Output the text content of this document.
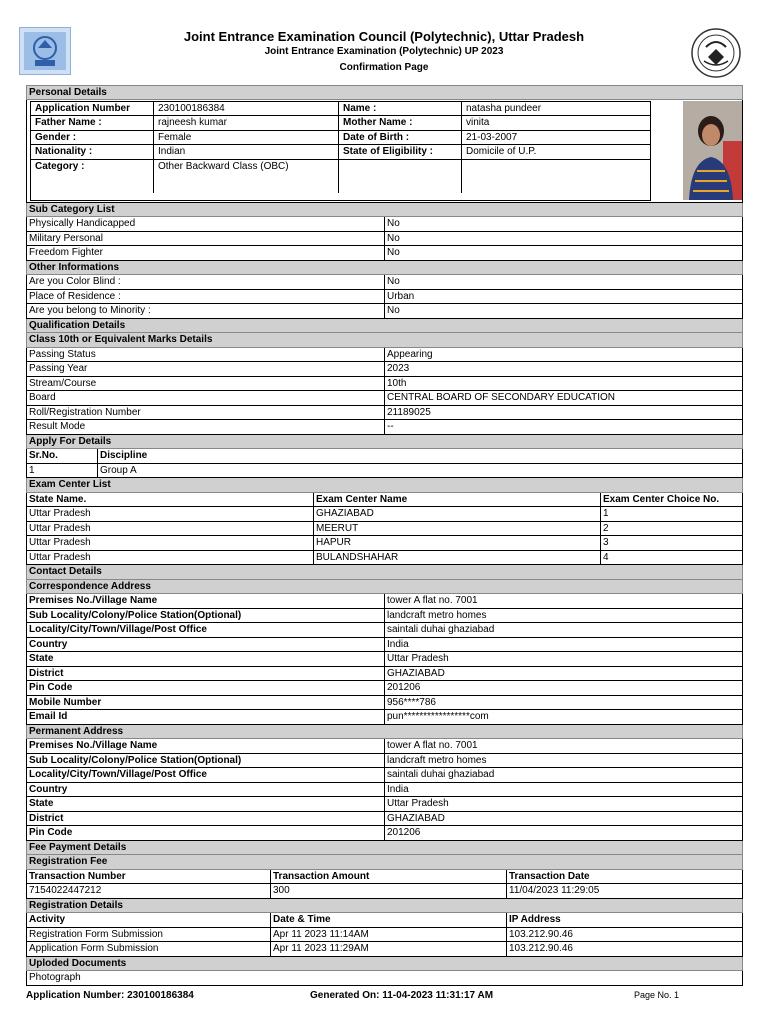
Joint Entrance Examination Council (Polytechnic), Uttar Pradesh
Joint Entrance Examination (Polytechnic) UP 2023
Confirmation Page
Personal Details
Application Number	230100186384	Name :	natasha pundeer
Father Name :	rajneesh kumar	Mother Name :	vinita
Gender :	Female	Date of Birth :	21-03-2007
Nationality :	Indian	State of Eligibility :	Domicile of U.P.
Category :	Other Backward Class (OBC)
Sub Category List
Physically Handicapped	No
Military Personal	No
Freedom Fighter	No
Other Informations
Are you Color Blind :	No
Place of Residence :	Urban
Are you belong to Minority :	No
Qualification Details
Class 10th or Equivalent Marks Details
Passing Status	Appearing
Passing Year	2023
Stream/Course	10th
Board	CENTRAL BOARD OF SECONDARY EDUCATION
Roll/Registration Number	21189025
Result Mode	--
Apply For Details
Sr.No.	Discipline
1	Group A
Exam Center List
State Name.	Exam Center Name	Exam Center Choice No.
Uttar Pradesh	GHAZIABAD	1
Uttar Pradesh	MEERUT	2
Uttar Pradesh	HAPUR	3
Uttar Pradesh	BULANDSHAHAR	4
Contact Details
Correspondence Address
Premises No./Village Name	tower A flat no. 7001
Sub Locality/Colony/Police Station(Optional)	landcraft metro homes
Locality/City/Town/Village/Post Office	saintali duhai ghaziabad
Country	India
State	Uttar Pradesh
District	GHAZIABAD
Pin Code	201206
Mobile Number	956****786
Email Id	pun*****************com
Permanent Address
Premises No./Village Name	tower A flat no. 7001
Sub Locality/Colony/Police Station(Optional)	landcraft metro homes
Locality/City/Town/Village/Post Office	saintali duhai ghaziabad
Country	India
State	Uttar Pradesh
District	GHAZIABAD
Pin Code	201206
Fee Payment Details
Registration Fee
Transaction Number	Transaction Amount	Transaction Date
7154022447212	300	11/04/2023 11:29:05
Registration Details
Activity	Date & Time	IP Address
Registration Form Submission	Apr 11 2023 11:14AM	103.212.90.46
Application Form Submission	Apr 11 2023 11:29AM	103.212.90.46
Uploded Documents
Photograph
Application Number: 230100186384	Generated On: 11-04-2023 11:31:17 AM	Page No. 1
